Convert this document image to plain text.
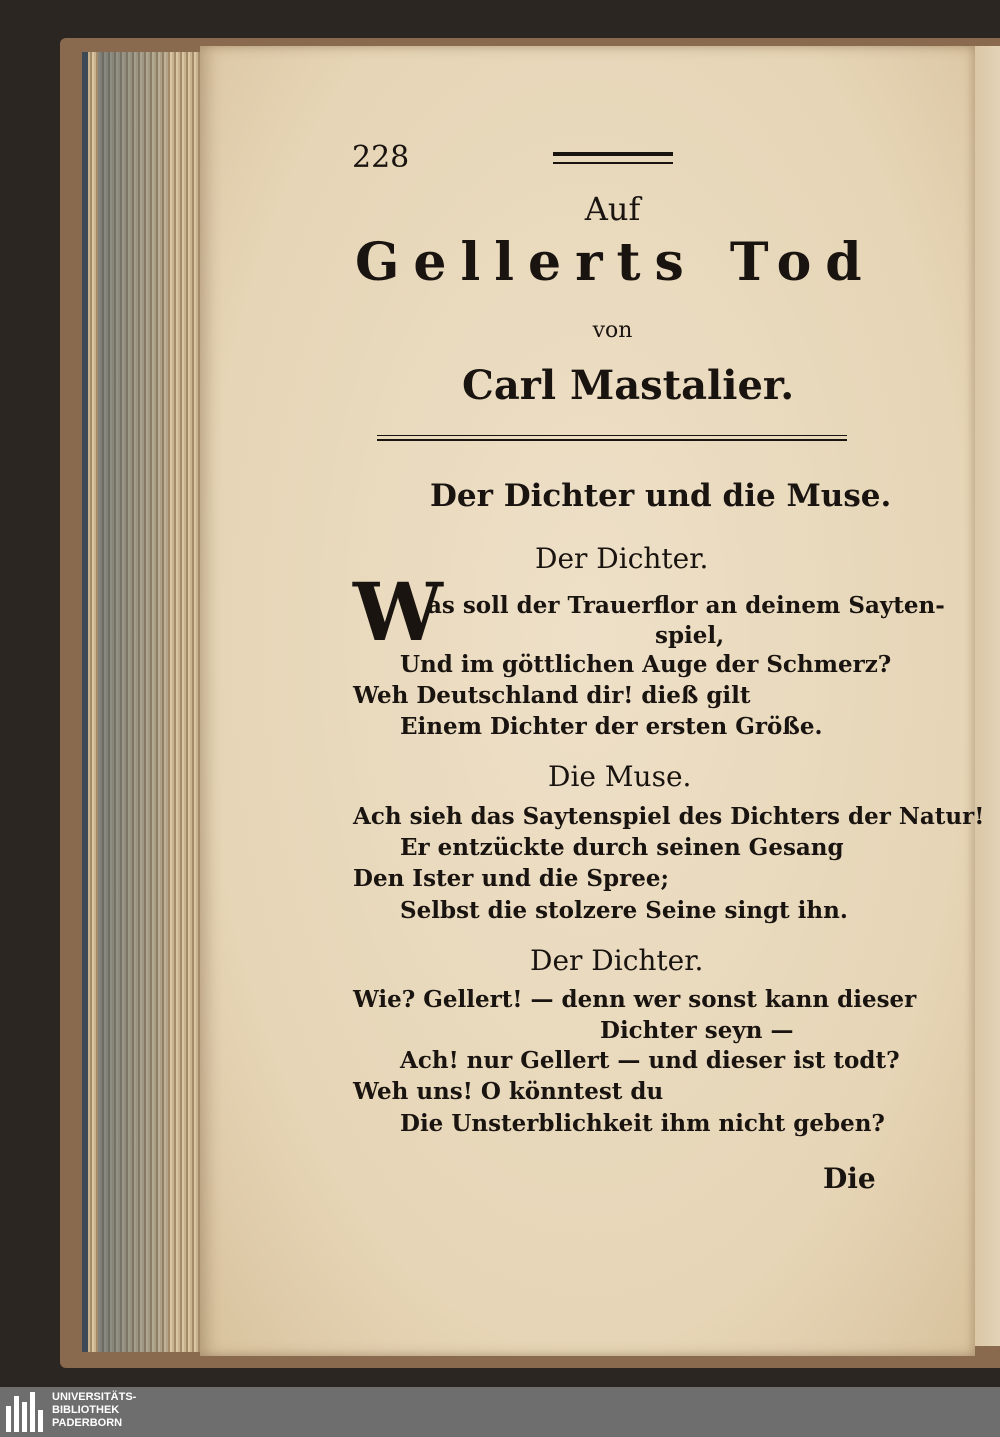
228
Auf
Gellerts Tod
von
Carl Mastalier.
Der Dichter und die Muse.
Der Dichter.
W
as soll der Trauerflor an deinem Sayten-
spiel,
Und im göttlichen Auge der Schmerz?
Weh Deutschland dir! dieß gilt
Einem Dichter der ersten Größe.
Die Muse.
Ach sieh das Saytenspiel des Dichters der Natur!
Er entzückte durch seinen Gesang
Den Ister und die Spree;
Selbst die stolzere Seine singt ihn.
Der Dichter.
Wie? Gellert! — denn wer sonst kann dieser
Dichter seyn —
Ach! nur Gellert — und dieser ist todt?
Weh uns! O könntest du
Die Unsterblichkeit ihm nicht geben?
Die
UNIVERSITÄTS-
BIBLIOTHEK
PADERBORN
